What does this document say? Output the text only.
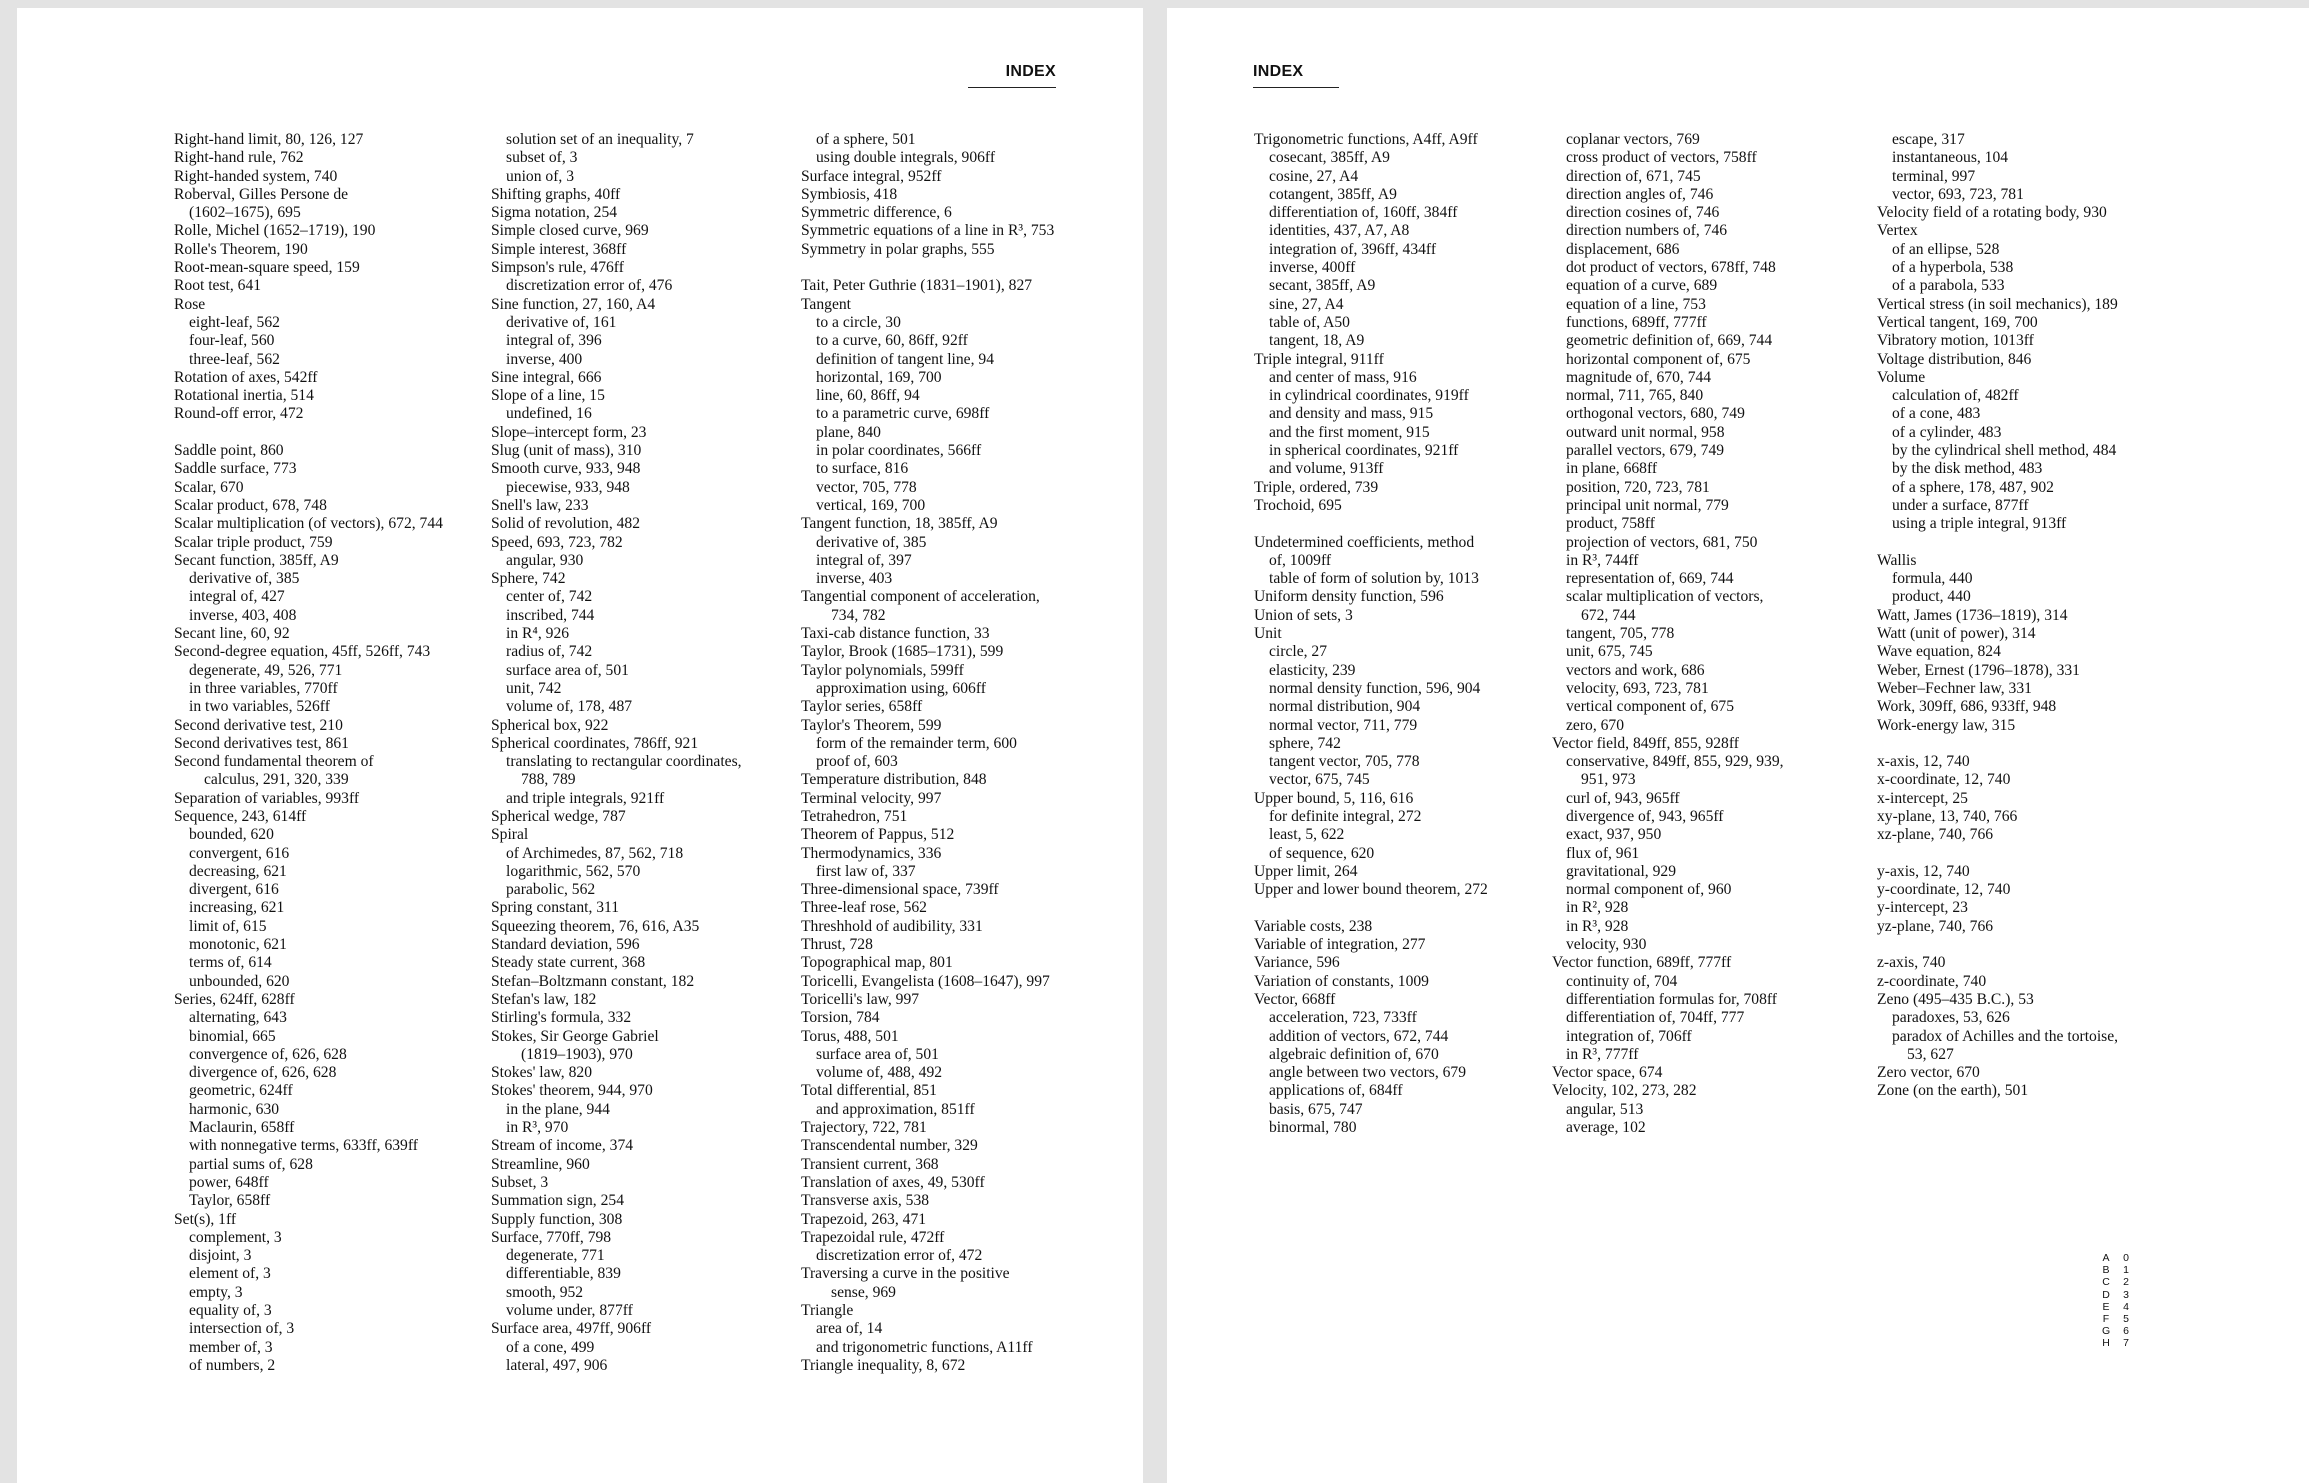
INDEX
Right-hand limit, 80, 126, 127
Right-hand rule, 762
Right-handed system, 740
Roberval, Gilles Persone de
(1602–1675), 695
Rolle, Michel (1652–1719), 190
Rolle's Theorem, 190
Root-mean-square speed, 159
Root test, 641
Rose
eight-leaf, 562
four-leaf, 560
three-leaf, 562
Rotation of axes, 542ff
Rotational inertia, 514
Round-off error, 472
Saddle point, 860
Saddle surface, 773
Scalar, 670
Scalar product, 678, 748
Scalar multiplication (of vectors), 672, 744
Scalar triple product, 759
Secant function, 385ff, A9
derivative of, 385
integral of, 427
inverse, 403, 408
Secant line, 60, 92
Second-degree equation, 45ff, 526ff, 743
degenerate, 49, 526, 771
in three variables, 770ff
in two variables, 526ff
Second derivative test, 210
Second derivatives test, 861
Second fundamental theorem of
calculus, 291, 320, 339
Separation of variables, 993ff
Sequence, 243, 614ff
bounded, 620
convergent, 616
decreasing, 621
divergent, 616
increasing, 621
limit of, 615
monotonic, 621
terms of, 614
unbounded, 620
Series, 624ff, 628ff
alternating, 643
binomial, 665
convergence of, 626, 628
divergence of, 626, 628
geometric, 624ff
harmonic, 630
Maclaurin, 658ff
with nonnegative terms, 633ff, 639ff
partial sums of, 628
power, 648ff
Taylor, 658ff
Set(s), 1ff
complement, 3
disjoint, 3
element of, 3
empty, 3
equality of, 3
intersection of, 3
member of, 3
of numbers, 2
solution set of an inequality, 7
subset of, 3
union of, 3
Shifting graphs, 40ff
Sigma notation, 254
Simple closed curve, 969
Simple interest, 368ff
Simpson's rule, 476ff
discretization error of, 476
Sine function, 27, 160, A4
derivative of, 161
integral of, 396
inverse, 400
Sine integral, 666
Slope of a line, 15
undefined, 16
Slope–intercept form, 23
Slug (unit of mass), 310
Smooth curve, 933, 948
piecewise, 933, 948
Snell's law, 233
Solid of revolution, 482
Speed, 693, 723, 782
angular, 930
Sphere, 742
center of, 742
inscribed, 744
in R⁴, 926
radius of, 742
surface area of, 501
unit, 742
volume of, 178, 487
Spherical box, 922
Spherical coordinates, 786ff, 921
translating to rectangular coordinates,
788, 789
and triple integrals, 921ff
Spherical wedge, 787
Spiral
of Archimedes, 87, 562, 718
logarithmic, 562, 570
parabolic, 562
Spring constant, 311
Squeezing theorem, 76, 616, A35
Standard deviation, 596
Steady state current, 368
Stefan–Boltzmann constant, 182
Stefan's law, 182
Stirling's formula, 332
Stokes, Sir George Gabriel
(1819–1903), 970
Stokes' law, 820
Stokes' theorem, 944, 970
in the plane, 944
in R³, 970
Stream of income, 374
Streamline, 960
Subset, 3
Summation sign, 254
Supply function, 308
Surface, 770ff, 798
degenerate, 771
differentiable, 839
smooth, 952
volume under, 877ff
Surface area, 497ff, 906ff
of a cone, 499
lateral, 497, 906
of a sphere, 501
using double integrals, 906ff
Surface integral, 952ff
Symbiosis, 418
Symmetric difference, 6
Symmetric equations of a line in R³, 753
Symmetry in polar graphs, 555
Tait, Peter Guthrie (1831–1901), 827
Tangent
to a circle, 30
to a curve, 60, 86ff, 92ff
definition of tangent line, 94
horizontal, 169, 700
line, 60, 86ff, 94
to a parametric curve, 698ff
plane, 840
in polar coordinates, 566ff
to surface, 816
vector, 705, 778
vertical, 169, 700
Tangent function, 18, 385ff, A9
derivative of, 385
integral of, 397
inverse, 403
Tangential component of acceleration,
734, 782
Taxi-cab distance function, 33
Taylor, Brook (1685–1731), 599
Taylor polynomials, 599ff
approximation using, 606ff
Taylor series, 658ff
Taylor's Theorem, 599
form of the remainder term, 600
proof of, 603
Temperature distribution, 848
Terminal velocity, 997
Tetrahedron, 751
Theorem of Pappus, 512
Thermodynamics, 336
first law of, 337
Three-dimensional space, 739ff
Three-leaf rose, 562
Threshhold of audibility, 331
Thrust, 728
Topographical map, 801
Toricelli, Evangelista (1608–1647), 997
Toricelli's law, 997
Torsion, 784
Torus, 488, 501
surface area of, 501
volume of, 488, 492
Total differential, 851
and approximation, 851ff
Trajectory, 722, 781
Transcendental number, 329
Transient current, 368
Translation of axes, 49, 530ff
Transverse axis, 538
Trapezoid, 263, 471
Trapezoidal rule, 472ff
discretization error of, 472
Traversing a curve in the positive
sense, 969
Triangle
area of, 14
and trigonometric functions, A11ff
Triangle inequality, 8, 672
INDEX
Trigonometric functions, A4ff, A9ff
cosecant, 385ff, A9
cosine, 27, A4
cotangent, 385ff, A9
differentiation of, 160ff, 384ff
identities, 437, A7, A8
integration of, 396ff, 434ff
inverse, 400ff
secant, 385ff, A9
sine, 27, A4
table of, A50
tangent, 18, A9
Triple integral, 911ff
and center of mass, 916
in cylindrical coordinates, 919ff
and density and mass, 915
and the first moment, 915
in spherical coordinates, 921ff
and volume, 913ff
Triple, ordered, 739
Trochoid, 695
Undetermined coefficients, method
of, 1009ff
table of form of solution by, 1013
Uniform density function, 596
Union of sets, 3
Unit
circle, 27
elasticity, 239
normal density function, 596, 904
normal distribution, 904
normal vector, 711, 779
sphere, 742
tangent vector, 705, 778
vector, 675, 745
Upper bound, 5, 116, 616
for definite integral, 272
least, 5, 622
of sequence, 620
Upper limit, 264
Upper and lower bound theorem, 272
Variable costs, 238
Variable of integration, 277
Variance, 596
Variation of constants, 1009
Vector, 668ff
acceleration, 723, 733ff
addition of vectors, 672, 744
algebraic definition of, 670
angle between two vectors, 679
applications of, 684ff
basis, 675, 747
binormal, 780
coplanar vectors, 769
cross product of vectors, 758ff
direction of, 671, 745
direction angles of, 746
direction cosines of, 746
direction numbers of, 746
displacement, 686
dot product of vectors, 678ff, 748
equation of a curve, 689
equation of a line, 753
functions, 689ff, 777ff
geometric definition of, 669, 744
horizontal component of, 675
magnitude of, 670, 744
normal, 711, 765, 840
orthogonal vectors, 680, 749
outward unit normal, 958
parallel vectors, 679, 749
in plane, 668ff
position, 720, 723, 781
principal unit normal, 779
product, 758ff
projection of vectors, 681, 750
in R³, 744ff
representation of, 669, 744
scalar multiplication of vectors,
672, 744
tangent, 705, 778
unit, 675, 745
vectors and work, 686
velocity, 693, 723, 781
vertical component of, 675
zero, 670
Vector field, 849ff, 855, 928ff
conservative, 849ff, 855, 929, 939,
951, 973
curl of, 943, 965ff
divergence of, 943, 965ff
exact, 937, 950
flux of, 961
gravitational, 929
normal component of, 960
in R², 928
in R³, 928
velocity, 930
Vector function, 689ff, 777ff
continuity of, 704
differentiation formulas for, 708ff
differentiation of, 704ff, 777
integration of, 706ff
in R³, 777ff
Vector space, 674
Velocity, 102, 273, 282
angular, 513
average, 102
escape, 317
instantaneous, 104
terminal, 997
vector, 693, 723, 781
Velocity field of a rotating body, 930
Vertex
of an ellipse, 528
of a hyperbola, 538
of a parabola, 533
Vertical stress (in soil mechanics), 189
Vertical tangent, 169, 700
Vibratory motion, 1013ff
Voltage distribution, 846
Volume
calculation of, 482ff
of a cone, 483
of a cylinder, 483
by the cylindrical shell method, 484
by the disk method, 483
of a sphere, 178, 487, 902
under a surface, 877ff
using a triple integral, 913ff
Wallis
formula, 440
product, 440
Watt, James (1736–1819), 314
Watt (unit of power), 314
Wave equation, 824
Weber, Ernest (1796–1878), 331
Weber–Fechner law, 331
Work, 309ff, 686, 933ff, 948
Work-energy law, 315
x-axis, 12, 740
x-coordinate, 12, 740
x-intercept, 25
xy-plane, 13, 740, 766
xz-plane, 740, 766
y-axis, 12, 740
y-coordinate, 12, 740
y-intercept, 23
yz-plane, 740, 766
z-axis, 740
z-coordinate, 740
Zeno (495–435 B.C.), 53
paradoxes, 53, 626
paradox of Achilles and the tortoise,
53, 627
Zero vector, 670
Zone (on the earth), 501
A 0
B 1
C 2
D 3
E 4
F 5
G 6
H 7
